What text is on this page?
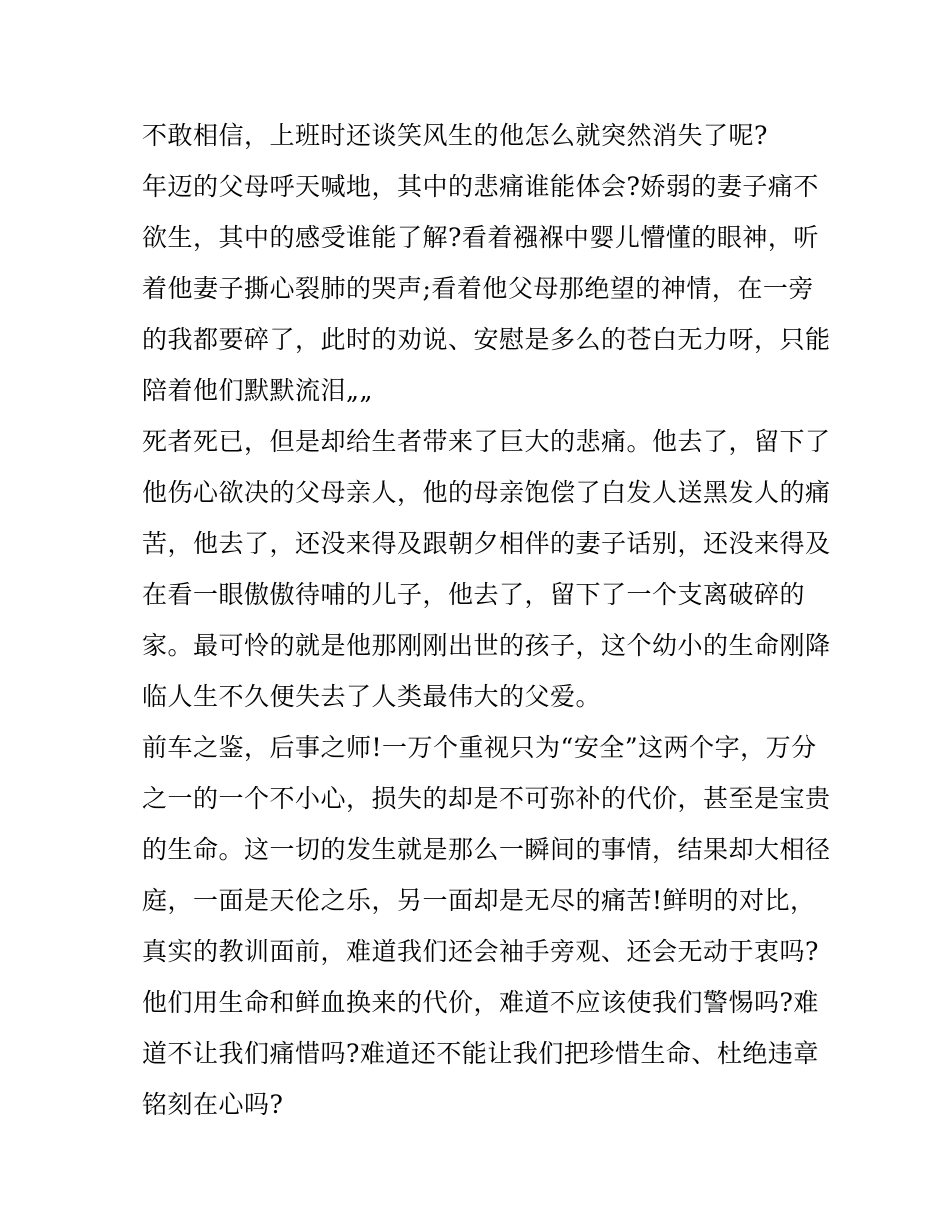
不敢相信，上班时还谈笑风生的他怎么就突然消失了呢?
年迈的父母呼天喊地，其中的悲痛谁能体会?娇弱的妻子痛不
欲生，其中的感受谁能了解?看着襁褓中婴儿懵懂的眼神，听
着他妻子撕心裂肺的哭声;看着他父母那绝望的神情，在一旁
的我都要碎了，此时的劝说、安慰是多么的苍白无力呀，只能
陪着他们默默流泪„„
死者死已，但是却给生者带来了巨大的悲痛。他去了，留下了
他伤心欲决的父母亲人，他的母亲饱偿了白发人送黑发人的痛
苦，他去了，还没来得及跟朝夕相伴的妻子话别，还没来得及
在看一眼傲傲待哺的儿子，他去了，留下了一个支离破碎的
家。最可怜的就是他那刚刚出世的孩子，这个幼小的生命刚降
临人生不久便失去了人类最伟大的父爱。
前车之鉴，后事之师!一万个重视只为“安全”这两个字，万分
之一的一个不小心，损失的却是不可弥补的代价，甚至是宝贵
的生命。这一切的发生就是那么一瞬间的事情，结果却大相径
庭，一面是天伦之乐，另一面却是无尽的痛苦!鲜明的对比，
真实的教训面前，难道我们还会袖手旁观、还会无动于衷吗?
他们用生命和鲜血换来的代价，难道不应该使我们警惕吗?难
道不让我们痛惜吗?难道还不能让我们把珍惜生命、杜绝违章
铭刻在心吗?
